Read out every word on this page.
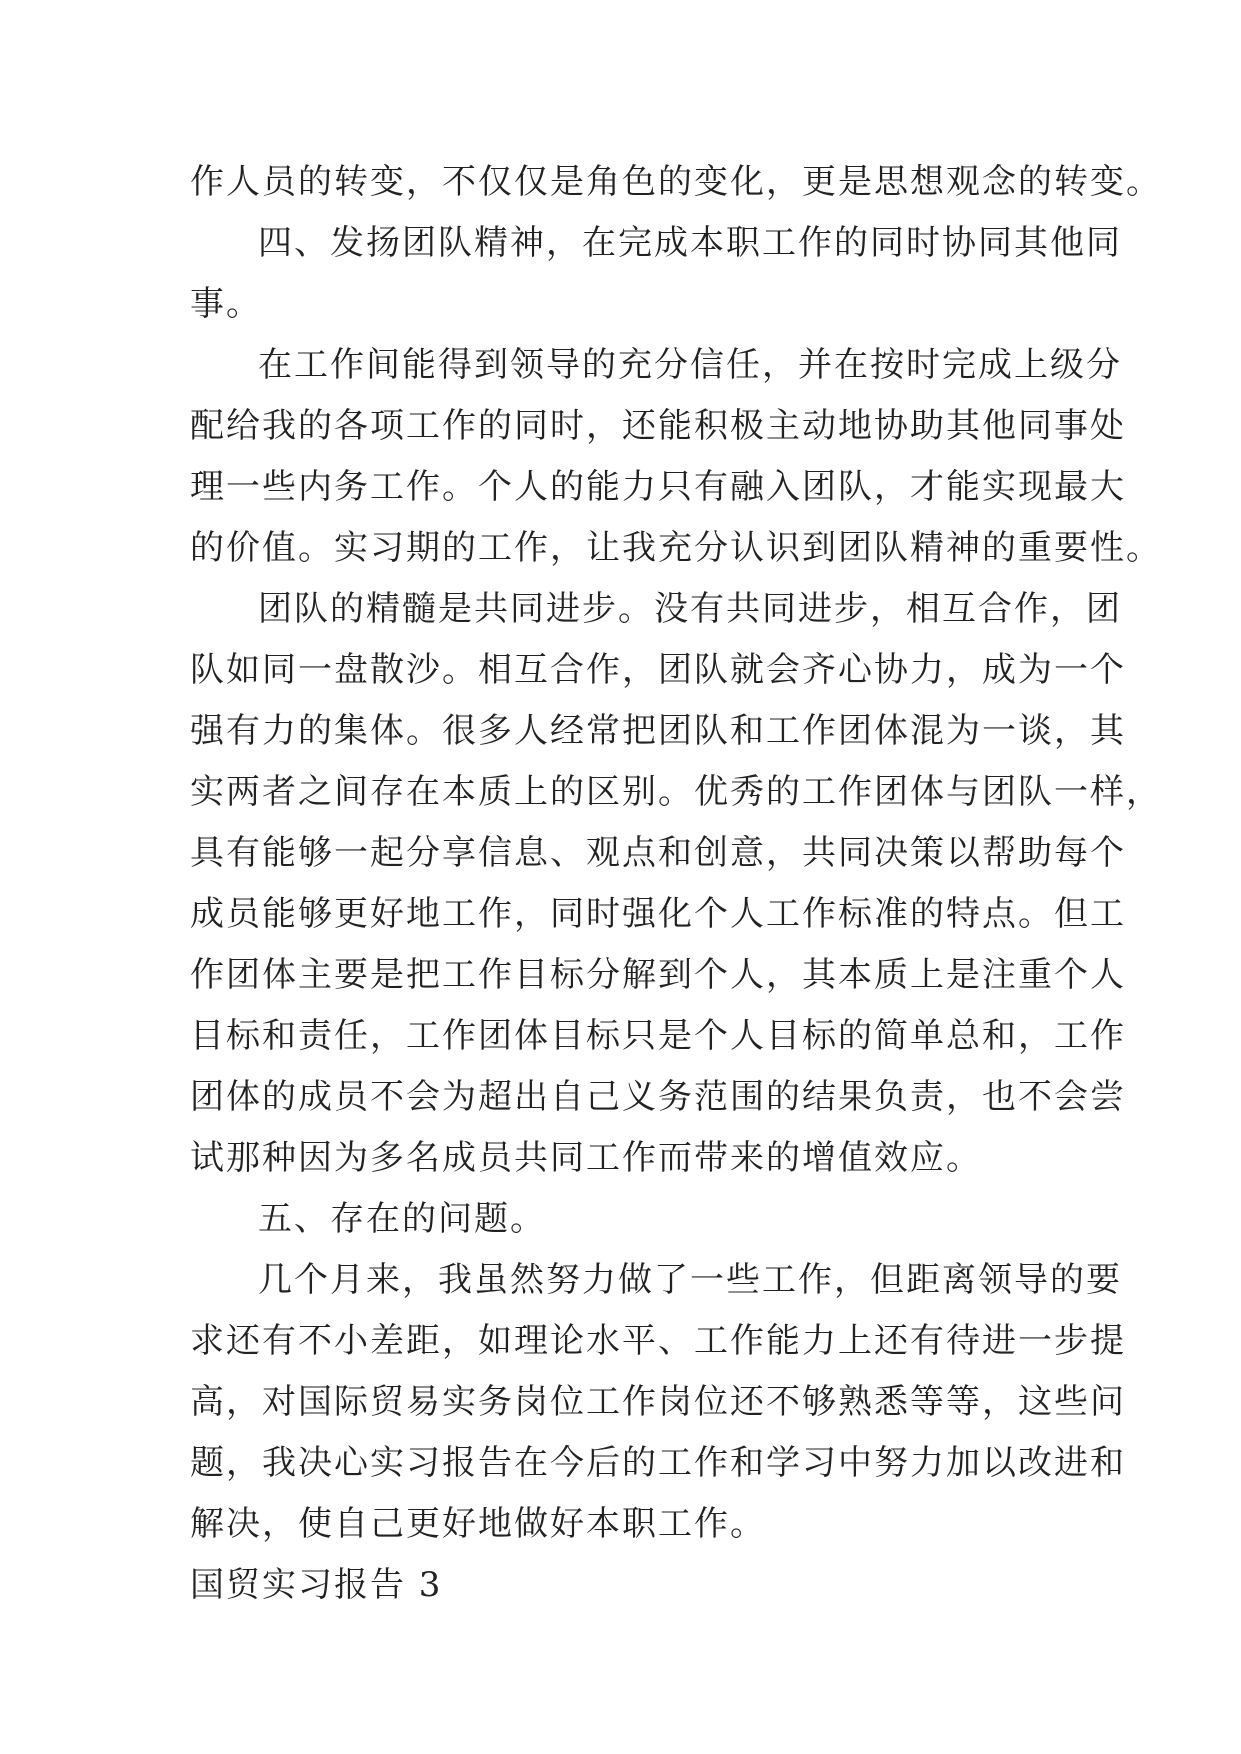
作人员的转变，不仅仅是角色的变化，更是思想观念的转变。
四、发扬团队精神，在完成本职工作的同时协同其他同
事。
在工作间能得到领导的充分信任，并在按时完成上级分
配给我的各项工作的同时，还能积极主动地协助其他同事处
理一些内务工作。个人的能力只有融入团队，才能实现最大
的价值。实习期的工作，让我充分认识到团队精神的重要性。
团队的精髓是共同进步。没有共同进步，相互合作，团
队如同一盘散沙。相互合作，团队就会齐心协力，成为一个
强有力的集体。很多人经常把团队和工作团体混为一谈，其
实两者之间存在本质上的区别。优秀的工作团体与团队一样，
具有能够一起分享信息、观点和创意，共同决策以帮助每个
成员能够更好地工作，同时强化个人工作标准的特点。但工
作团体主要是把工作目标分解到个人，其本质上是注重个人
目标和责任，工作团体目标只是个人目标的简单总和，工作
团体的成员不会为超出自己义务范围的结果负责，也不会尝
试那种因为多名成员共同工作而带来的增值效应。
五、存在的问题。
几个月来，我虽然努力做了一些工作，但距离领导的要
求还有不小差距，如理论水平、工作能力上还有待进一步提
高，对国际贸易实务岗位工作岗位还不够熟悉等等，这些问
题，我决心实习报告在今后的工作和学习中努力加以改进和
解决，使自己更好地做好本职工作。
国贸实习报告 3
